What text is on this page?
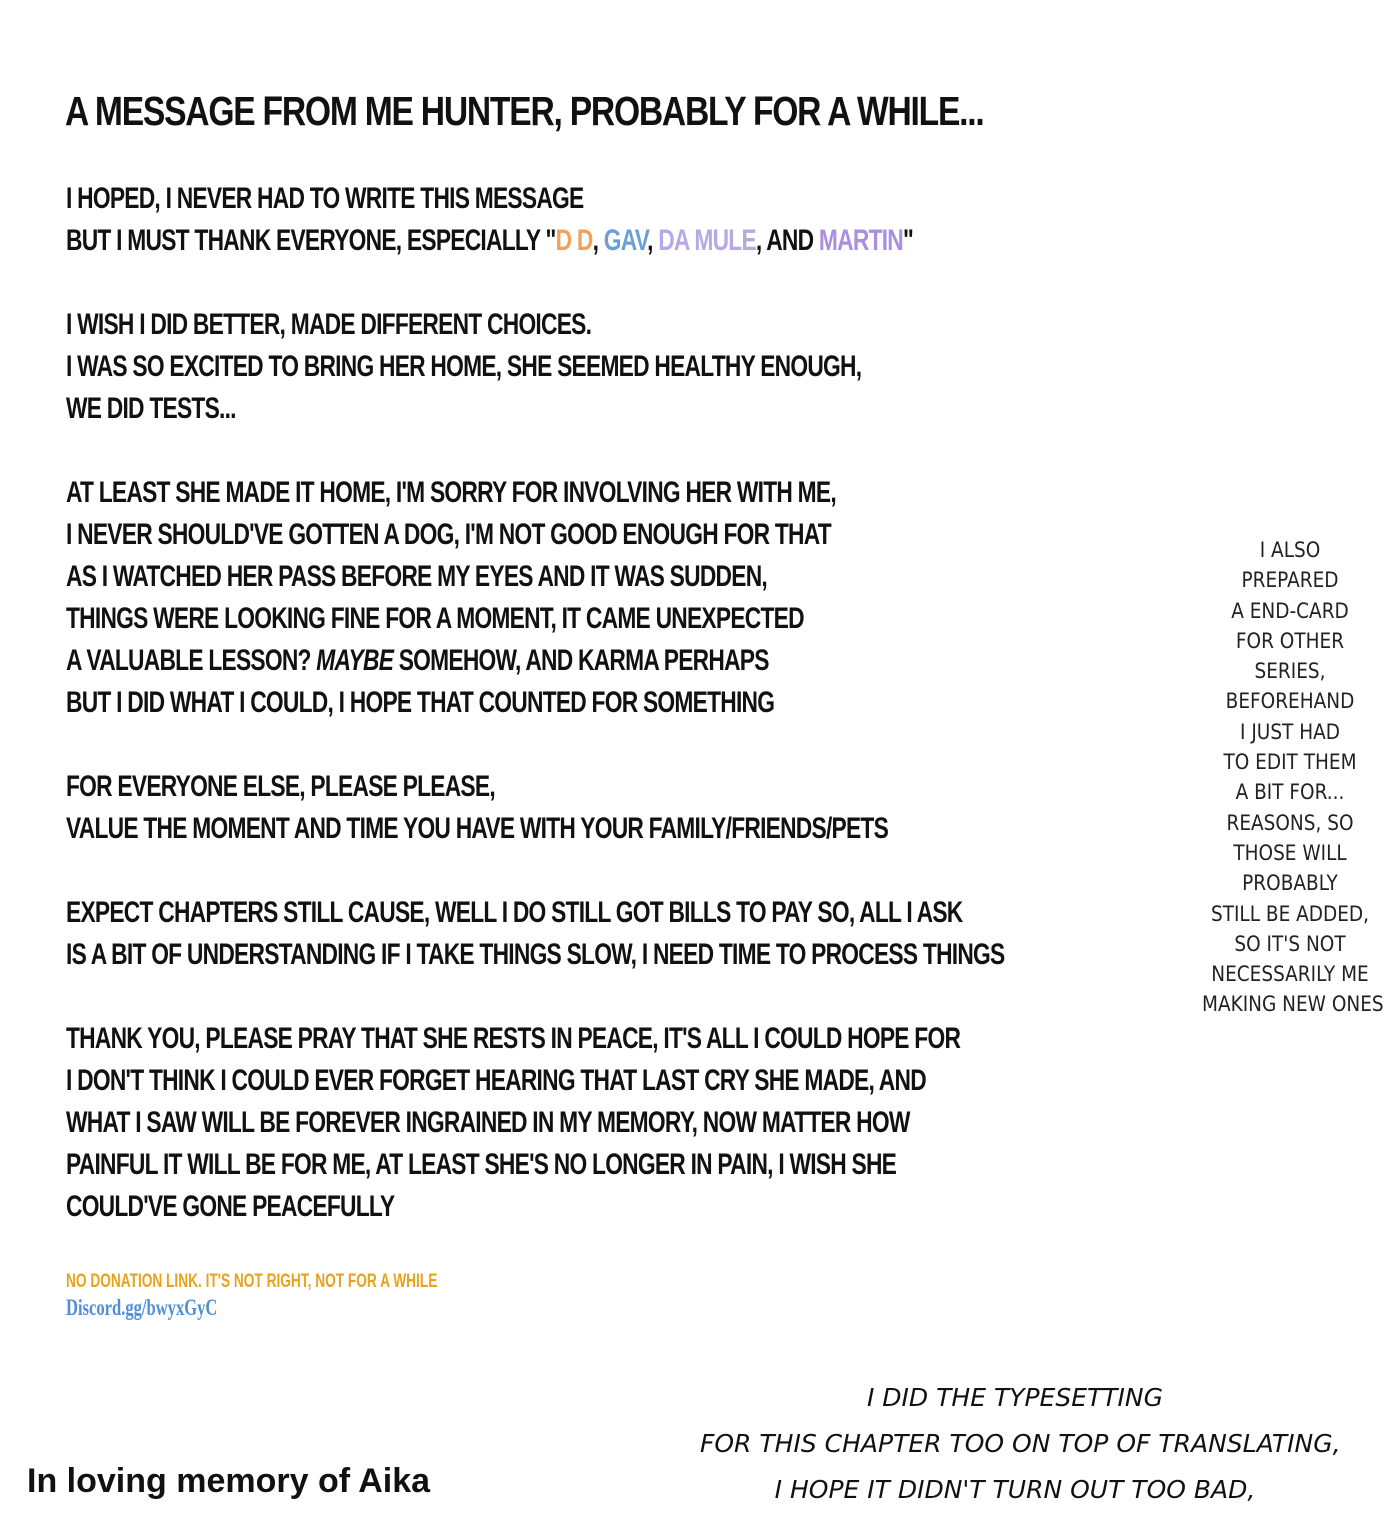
A MESSAGE FROM ME HUNTER, PROBABLY FOR A WHILE...
I HOPED, I NEVER HAD TO WRITE THIS MESSAGE
BUT I MUST THANK EVERYONE, ESPECIALLY "D D, GAV, DA MULE, AND MARTIN"
I WISH I DID BETTER, MADE DIFFERENT CHOICES.
I WAS SO EXCITED TO BRING HER HOME, SHE SEEMED HEALTHY ENOUGH,
WE DID TESTS...
AT LEAST SHE MADE IT HOME, I'M SORRY FOR INVOLVING HER WITH ME,
I NEVER SHOULD'VE GOTTEN A DOG, I'M NOT GOOD ENOUGH FOR THAT
AS I WATCHED HER PASS BEFORE MY EYES AND IT WAS SUDDEN,
THINGS WERE LOOKING FINE FOR A MOMENT, IT CAME UNEXPECTED
A VALUABLE LESSON? MAYBE SOMEHOW, AND KARMA PERHAPS
BUT I DID WHAT I COULD, I HOPE THAT COUNTED FOR SOMETHING
FOR EVERYONE ELSE, PLEASE PLEASE,
VALUE THE MOMENT AND TIME YOU HAVE WITH YOUR FAMILY/FRIENDS/PETS
EXPECT CHAPTERS STILL CAUSE, WELL I DO STILL GOT BILLS TO PAY SO, ALL I ASK
IS A BIT OF UNDERSTANDING IF I TAKE THINGS SLOW, I NEED TIME TO PROCESS THINGS
THANK YOU, PLEASE PRAY THAT SHE RESTS IN PEACE, IT'S ALL I COULD HOPE FOR
I DON'T THINK I COULD EVER FORGET HEARING THAT LAST CRY SHE MADE, AND
WHAT I SAW WILL BE FOREVER INGRAINED IN MY MEMORY, NOW MATTER HOW
PAINFUL IT WILL BE FOR ME, AT LEAST SHE'S NO LONGER IN PAIN, I WISH SHE
COULD'VE GONE PEACEFULLY
NO DONATION LINK. IT'S NOT RIGHT, NOT FOR A WHILE
Discord.gg/bwyxGyC
I ALSO
PREPARED
A END-CARD
FOR OTHER
SERIES,
BEFOREHAND
I JUST HAD
TO EDIT THEM
A BIT FOR...
REASONS, SO
THOSE WILL
PROBABLY
STILL BE ADDED,
SO IT'S NOT
NECESSARILY ME
MAKING NEW ONES
I DID THE TYPESETTING
FOR THIS CHAPTER TOO ON TOP OF TRANSLATING,
I HOPE IT DIDN'T TURN OUT TOO BAD,
In loving memory of Aika
